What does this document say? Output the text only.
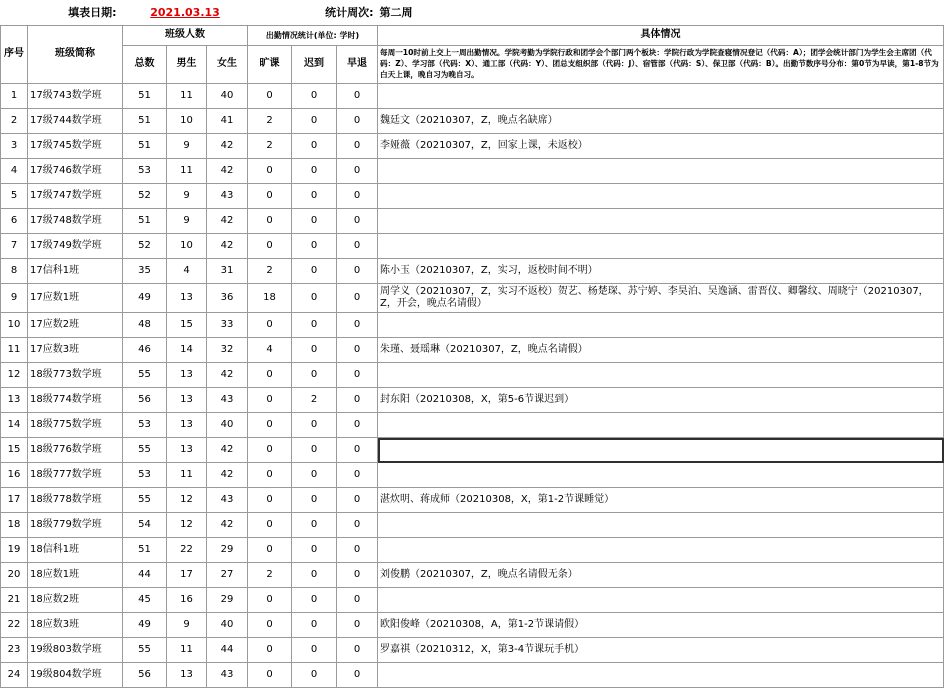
填表日期:		2021.03.13			统计周次:			第二周
序号	班级简称	班级人数			出勤情况统计(单位: 学时)			具体情况
		总数	男生	女生	旷课	迟到	早退	每周一10时前上交上一周出勤情况。学院考勤为学院行政和团学会个部门两个板块：学院行政为学院查寝情况登记（代码：A）；团学会统计部门为学生会主席团（代码：Z）、学习部（代码：X）、通工部（代码：Y）、团总支组织部（代码：J）、宿管部（代码：S）、保卫部（代码：B）。出勤节数序号分布：第0节为早读，第1-8节为白天上课，晚自习为晚自习。
1	17级743数学班	51	11	40	0	0	0	
2	17级744数学班	51	10	41	2	0	0	魏廷文（20210307，Z，晚点名缺席）
3	17级745数学班	51	9	42	2	0	0	李娅薇（20210307，Z，回家上课，未返校）
4	17级746数学班	53	11	42	0	0	0	
5	17级747数学班	52	9	43	0	0	0	
6	17级748数学班	51	9	42	0	0	0	
7	17级749数学班	52	10	42	0	0	0	
8	17信科1班	35	4	31	2	0	0	陈小玉（20210307，Z，实习，返校时间不明）
9	17应数1班	49	13	36	18	0	0	周学义（20210307，Z，实习不返校）贺艺、杨楚琛、苏宁婷、李昊泊、吴逸涵、雷晋仪、卿馨纹、周晓宁（20210307，Z，开会，晚点名请假）
10	17应数2班	48	15	33	0	0	0	
11	17应数3班	46	14	32	4	0	0	朱瑾、聂瑶琳（20210307，Z，晚点名请假）
12	18级773数学班	55	13	42	0	0	0	
13	18级774数学班	56	13	43	0	2	0	封东阳（20210308，X，第5-6节课迟到）
14	18级775数学班	53	13	40	0	0	0	
15	18级776数学班	55	13	42	0	0	0	
16	18级777数学班	53	11	42	0	0	0	
17	18级778数学班	55	12	43	0	0	0	湛炊明、蒋成师（20210308，X，第1-2节课睡觉）
18	18级779数学班	54	12	42	0	0	0	
19	18信科1班	51	22	29	0	0	0	
20	18应数1班	44	17	27	2	0	0	刘俊鹏（20210307，Z，晚点名请假无条）
21	18应数2班	45	16	29	0	0	0	
22	18应数3班	49	9	40	0	0	0	欧阳俊峰（20210308，A，第1-2节课请假）
23	19级803数学班	55	11	44	0	0	0	罗嘉祺（20210312，X，第3-4节课玩手机）
24	19级804数学班	56	13	43	0	0	0	
